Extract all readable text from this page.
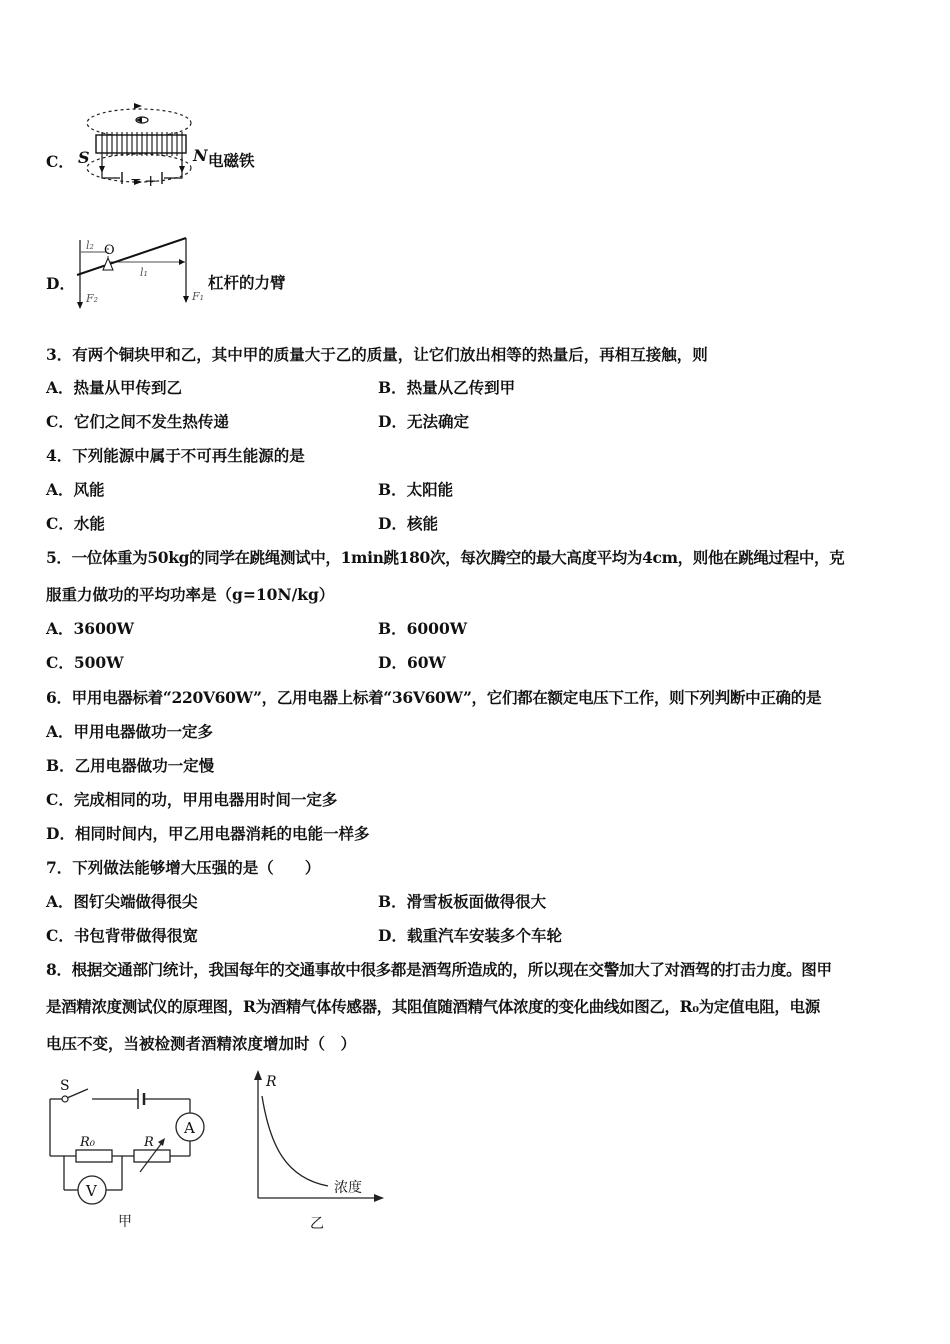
C． S	N
− +
电磁铁
D．
O
l₂
l₁
F₂	F₁
杠杆的力臂
3．有两个铜块甲和乙，其中甲的质量大于乙的质量，让它们放出相等的热量后，再相互接触，则
A．热量从甲传到乙	B．热量从乙传到甲
C．它们之间不发生热传递	D．无法确定
4．下列能源中属于不可再生能源的是
A．风能	B．太阳能
C．水能	D．核能
5．一位体重为50kg的同学在跳绳测试中，1min跳180次，每次腾空的最大高度平均为4cm，则他在跳绳过程中，克
服重力做功的平均功率是（g=10N/kg）
A．3600W	B．6000W
C．500W	D．60W
6．甲用电器标着“220V60W”，乙用电器上标着“36V60W”，它们都在额定电压下工作，则下列判断中正确的是
A．甲用电器做功一定多
B．乙用电器做功一定慢
C．完成相同的功，甲用电器用时间一定多
D．相同时间内，甲乙用电器消耗的电能一样多
7．下列做法能够增大压强的是（　　）
A．图钉尖端做得很尖	B．滑雪板板面做得很大
C．书包背带做得很宽	D．载重汽车安装多个车轮
8．根据交通部门统计，我国每年的交通事故中很多都是酒驾所造成的，所以现在交警加大了对酒驾的打击力度。图甲
是酒精浓度测试仪的原理图，R为酒精气体传感器，其阻值随酒精气体浓度的变化曲线如图乙，R₀为定值电阻，电源
电压不变，当被检测者酒精浓度增加时（　）
A
R₀	R
V
S
甲
R
浓度
乙
